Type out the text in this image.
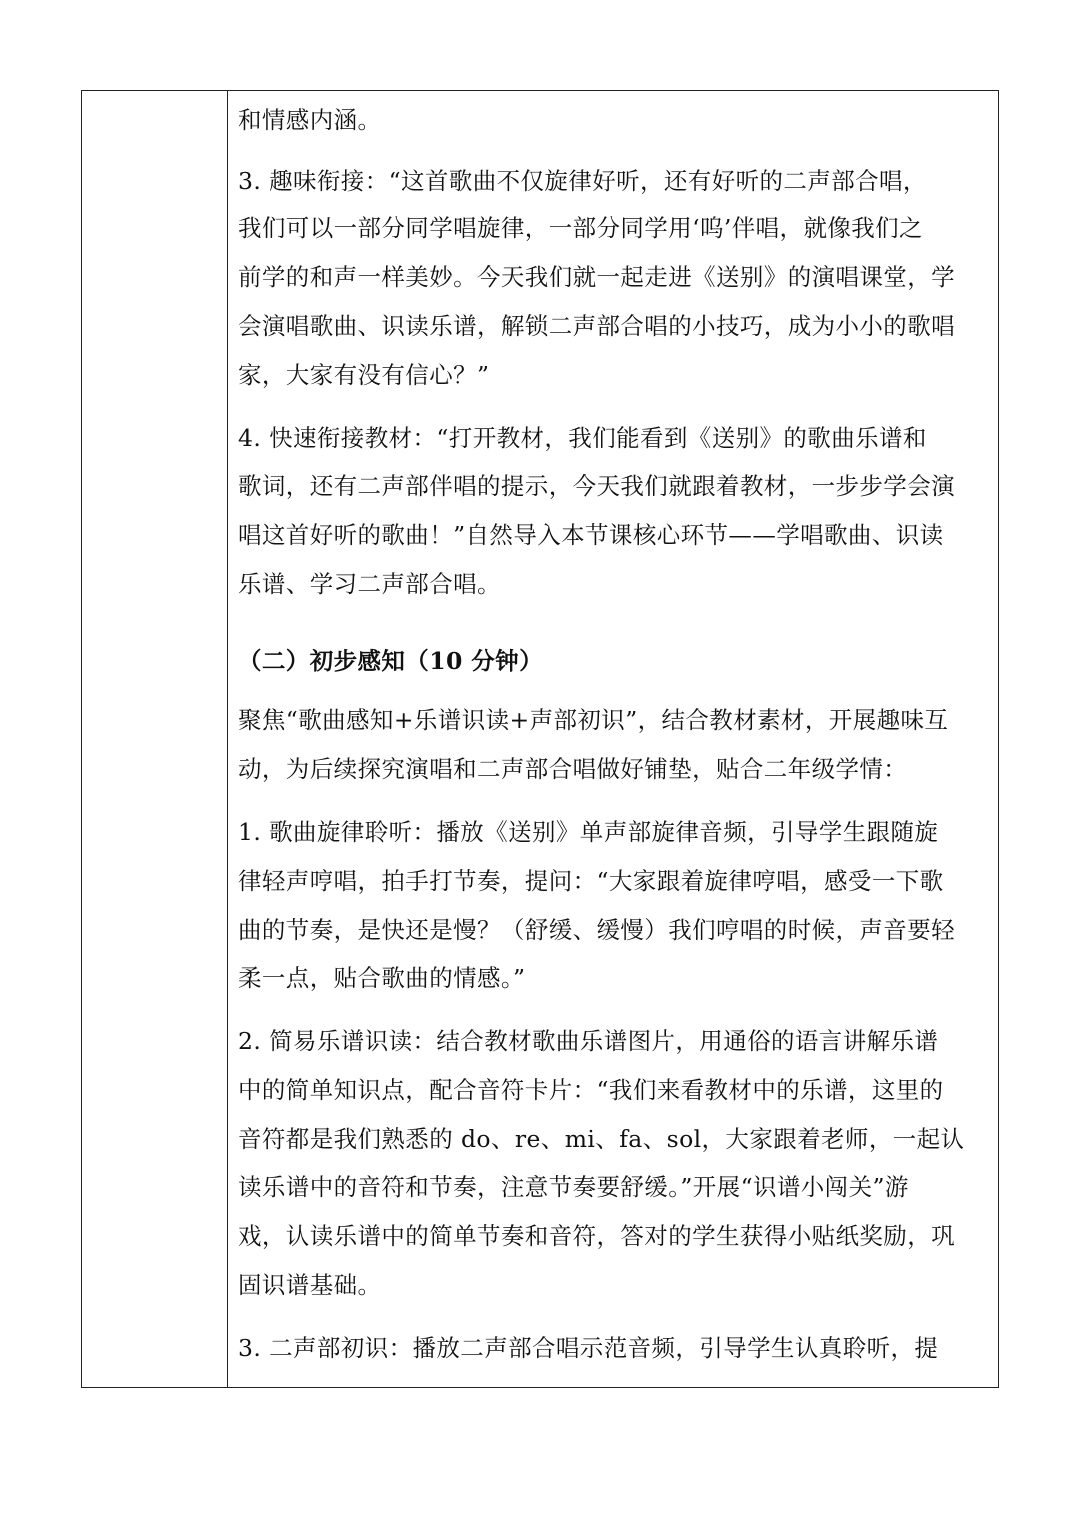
和情感内涵。
3. 趣味衔接：“这首歌曲不仅旋律好听，还有好听的二声部合唱，
我们可以一部分同学唱旋律，一部分同学用‘呜’伴唱，就像我们之
前学的和声一样美妙。今天我们就一起走进《送别》的演唱课堂，学
会演唱歌曲、识读乐谱，解锁二声部合唱的小技巧，成为小小的歌唱
家，大家有没有信心？”
4. 快速衔接教材：“打开教材，我们能看到《送别》的歌曲乐谱和
歌词，还有二声部伴唱的提示，今天我们就跟着教材，一步步学会演
唱这首好听的歌曲！”自然导入本节课核心环节——学唱歌曲、识读
乐谱、学习二声部合唱。
（二）初步感知（10 分钟）
聚焦“歌曲感知+乐谱识读+声部初识”，结合教材素材，开展趣味互
动，为后续探究演唱和二声部合唱做好铺垫，贴合二年级学情：
1. 歌曲旋律聆听：播放《送别》单声部旋律音频，引导学生跟随旋
律轻声哼唱，拍手打节奏，提问：“大家跟着旋律哼唱，感受一下歌
曲的节奏，是快还是慢？（舒缓、缓慢）我们哼唱的时候，声音要轻
柔一点，贴合歌曲的情感。”
2. 简易乐谱识读：结合教材歌曲乐谱图片，用通俗的语言讲解乐谱
中的简单知识点，配合音符卡片：“我们来看教材中的乐谱，这里的
音符都是我们熟悉的 do、re、mi、fa、sol，大家跟着老师，一起认
读乐谱中的音符和节奏，注意节奏要舒缓。”开展“识谱小闯关”游
戏，认读乐谱中的简单节奏和音符，答对的学生获得小贴纸奖励，巩
固识谱基础。
3. 二声部初识：播放二声部合唱示范音频，引导学生认真聆听，提
